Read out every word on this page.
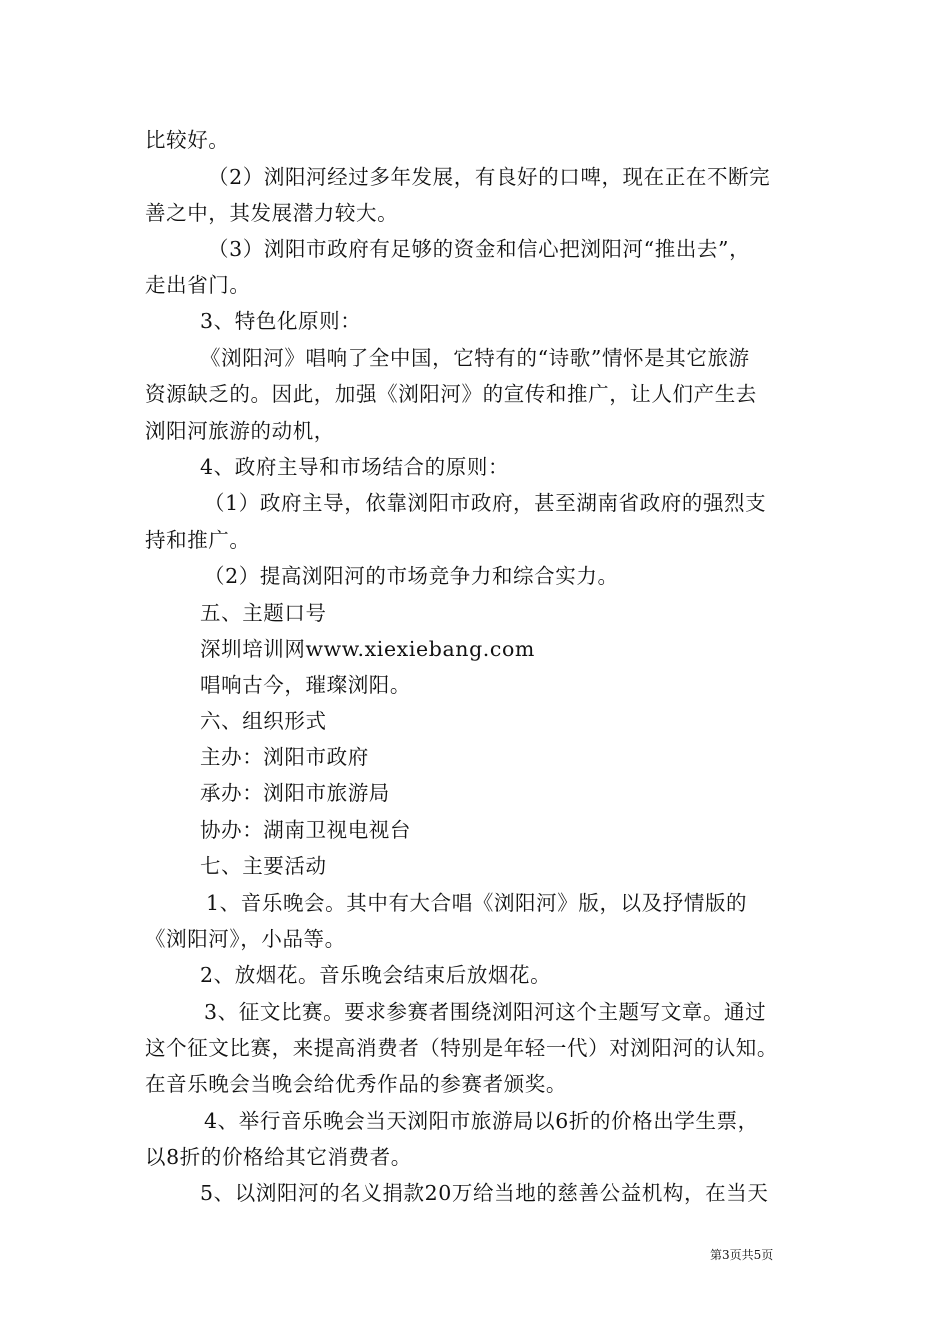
比较好。
（2）浏阳河经过多年发展，有良好的口啤，现在正在不断完
善之中，其发展潜力较大。
（3）浏阳市政府有足够的资金和信心把浏阳河“推出去”，
走出省门。
3、特色化原则：
《浏阳河》唱响了全中国，它特有的“诗歌”情怀是其它旅游
资源缺乏的。因此，加强《浏阳河》的宣传和推广，让人们产生去
浏阳河旅游的动机，
4、政府主导和市场结合的原则：
（1）政府主导，依靠浏阳市政府，甚至湖南省政府的强烈支
持和推广。
（2）提高浏阳河的市场竞争力和综合实力。
五、主题口号
深圳培训网www.xiexiebang.com
唱响古今，璀璨浏阳。
六、组织形式
主办：浏阳市政府
承办：浏阳市旅游局
协办：湖南卫视电视台
七、主要活动
1、音乐晚会。其中有大合唱《浏阳河》版，以及抒情版的
《浏阳河》，小品等。
2、放烟花。音乐晚会结束后放烟花。
3、征文比赛。要求参赛者围绕浏阳河这个主题写文章。通过
这个征文比赛，来提高消费者（特别是年轻一代）对浏阳河的认知。
在音乐晚会当晚会给优秀作品的参赛者颁奖。
4、举行音乐晚会当天浏阳市旅游局以6折的价格出学生票，
以8折的价格给其它消费者。
5、以浏阳河的名义捐款20万给当地的慈善公益机构，在当天
第3页共5页
